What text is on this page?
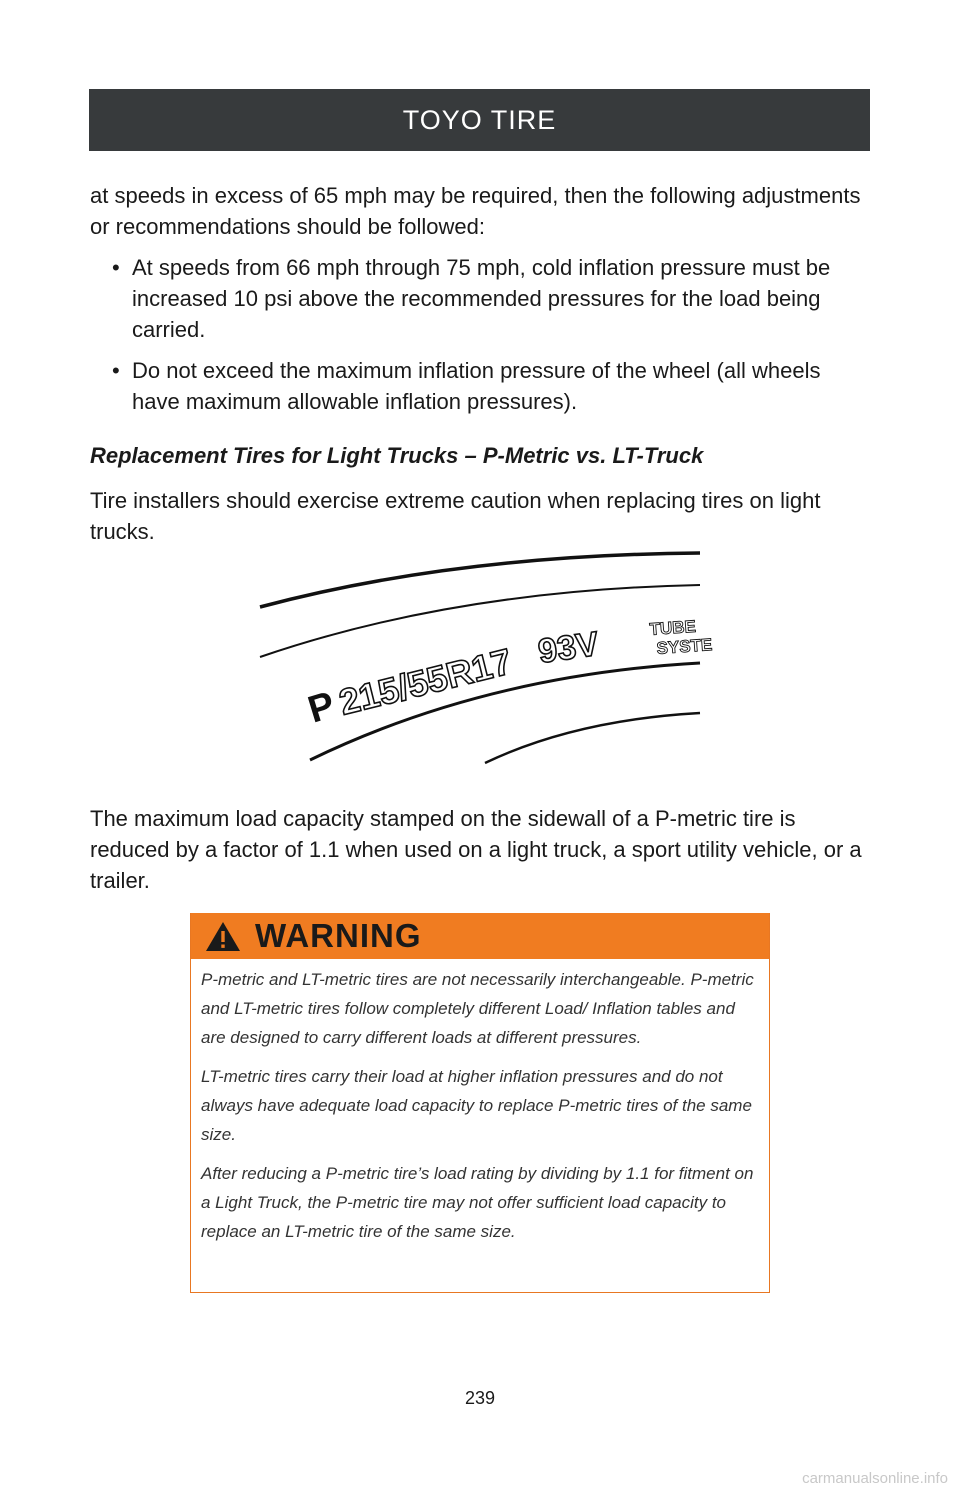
TOYO TIRE

at speeds in excess of 65 mph may be required, then the following adjustments or recommendations should be followed:

• At speeds from 66 mph through 75 mph, cold inflation pressure must be increased 10 psi above the recommended pressures for the load being carried.
• Do not exceed the maximum inflation pressure of the wheel (all wheels have maximum allowable inflation pressures).
Replacement Tires for Light Trucks – P-Metric vs. LT-Truck

Tire installers should exercise extreme caution when replacing tires on light trucks.

P
215/55R17 93V	TUBE
SYSTE

The maximum load capacity stamped on the sidewall of a P-metric tire is reduced by a factor of 1.1 when used on a light truck, a sport utility vehicle, or a trailer.

WARNING

P-metric and LT-metric tires are not necessarily interchangeable. P-metric and LT-metric tires follow completely different Load/ Inflation tables and are designed to carry different loads at different pressures.

LT-metric tires carry their load at higher inflation pressures and do not always have adequate load capacity to replace P-metric tires of the same size.

After reducing a P-metric tire’s load rating by dividing by 1.1 for fitment on a Light Truck, the P-metric tire may not offer sufficient load capacity to replace an LT-metric tire of the same size.

239
carmanualsonline.info
